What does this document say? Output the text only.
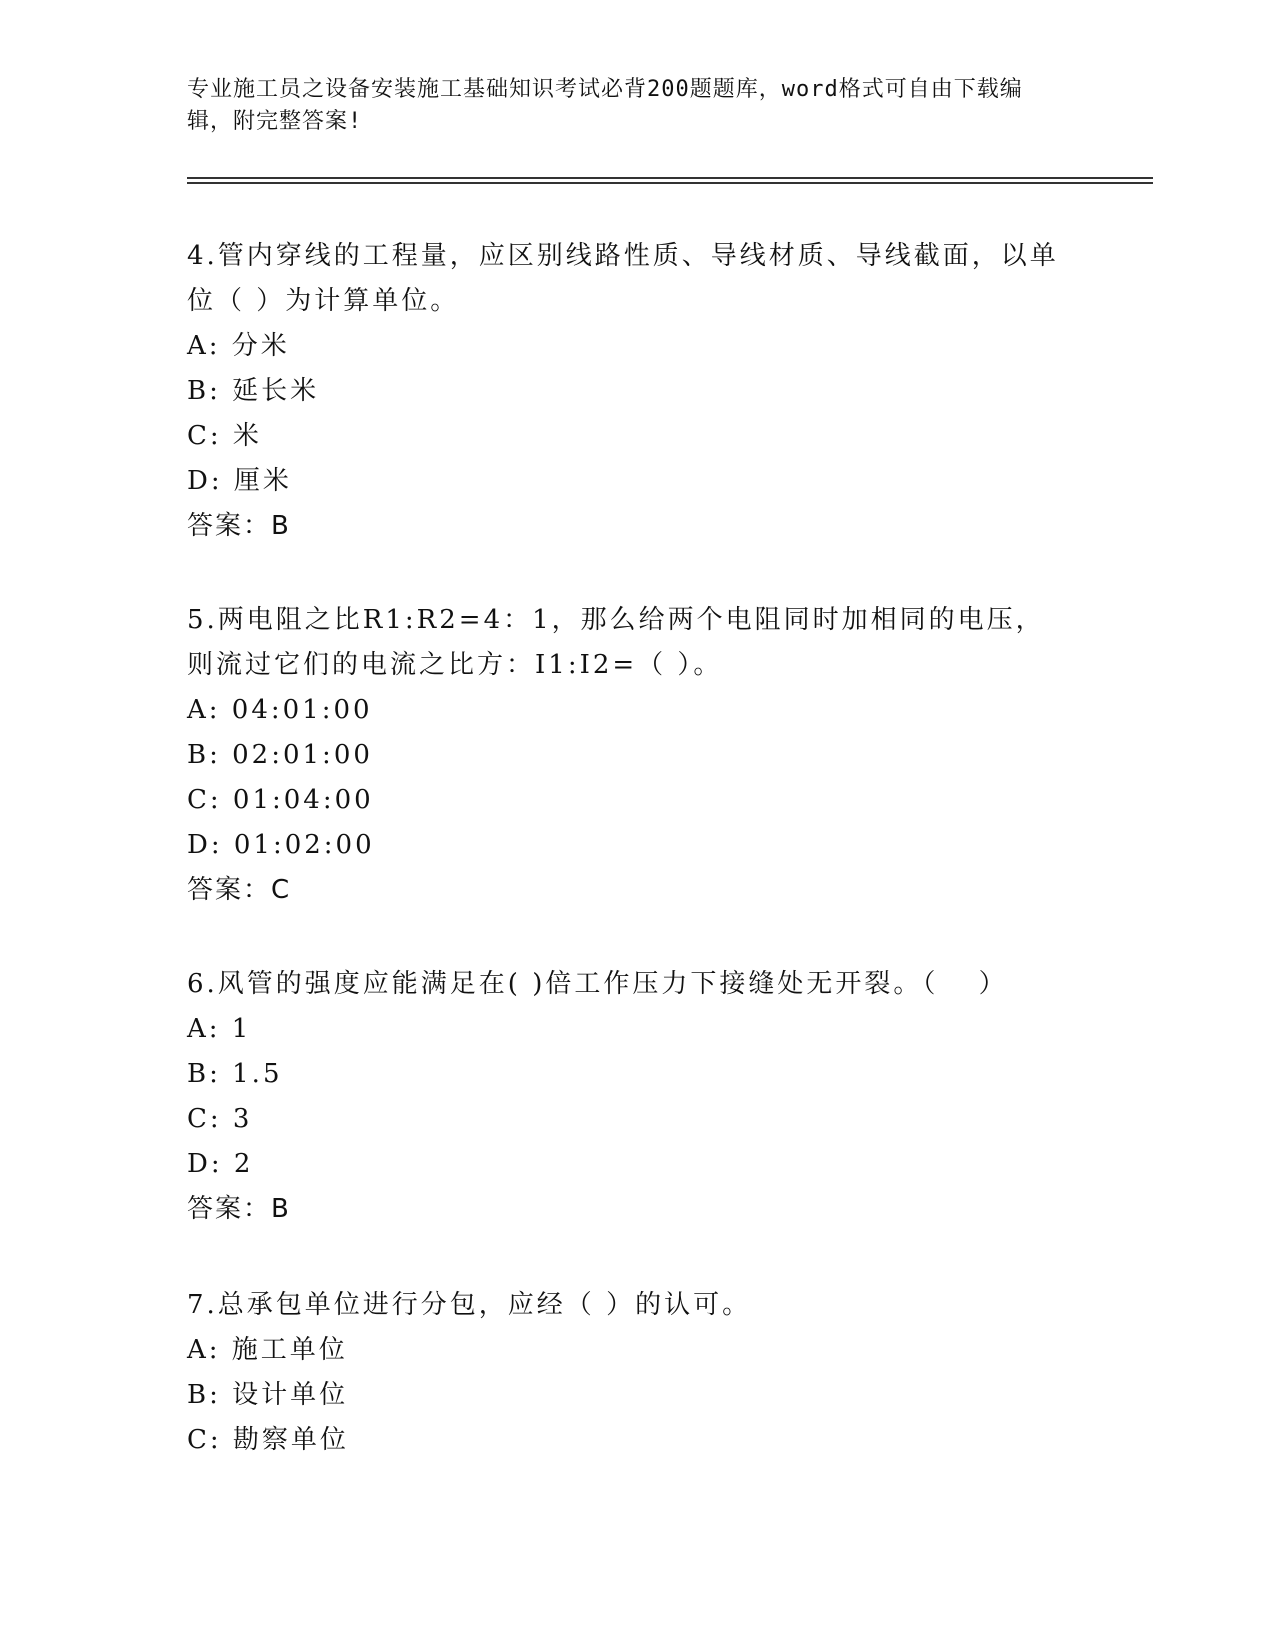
专业施工员之设备安装施工基础知识考试必背200题题库，word格式可自由下载编辑，附完整答案!

4.管内穿线的工程量，应区别线路性质、导线材质、导线截面，以单位（ ）为计算单位。

A: 分米

B: 延长米

C: 米

D: 厘米

答案：B

5.两电阻之比R1:R2=4：1，那么给两个电阻同时加相同的电压，则流过它们的电流之比方：I1:I2=（ ）。

A: 04:01:00

B: 02:01:00

C: 01:04:00

D: 01:02:00

答案：C

6.风管的强度应能满足在( )倍工作压力下接缝处无开裂。（　 ）

A: 1

B: 1.5

C: 3

D: 2

答案：B

7.总承包单位进行分包，应经（ ）的认可。

A: 施工单位

B: 设计单位

C: 勘察单位
